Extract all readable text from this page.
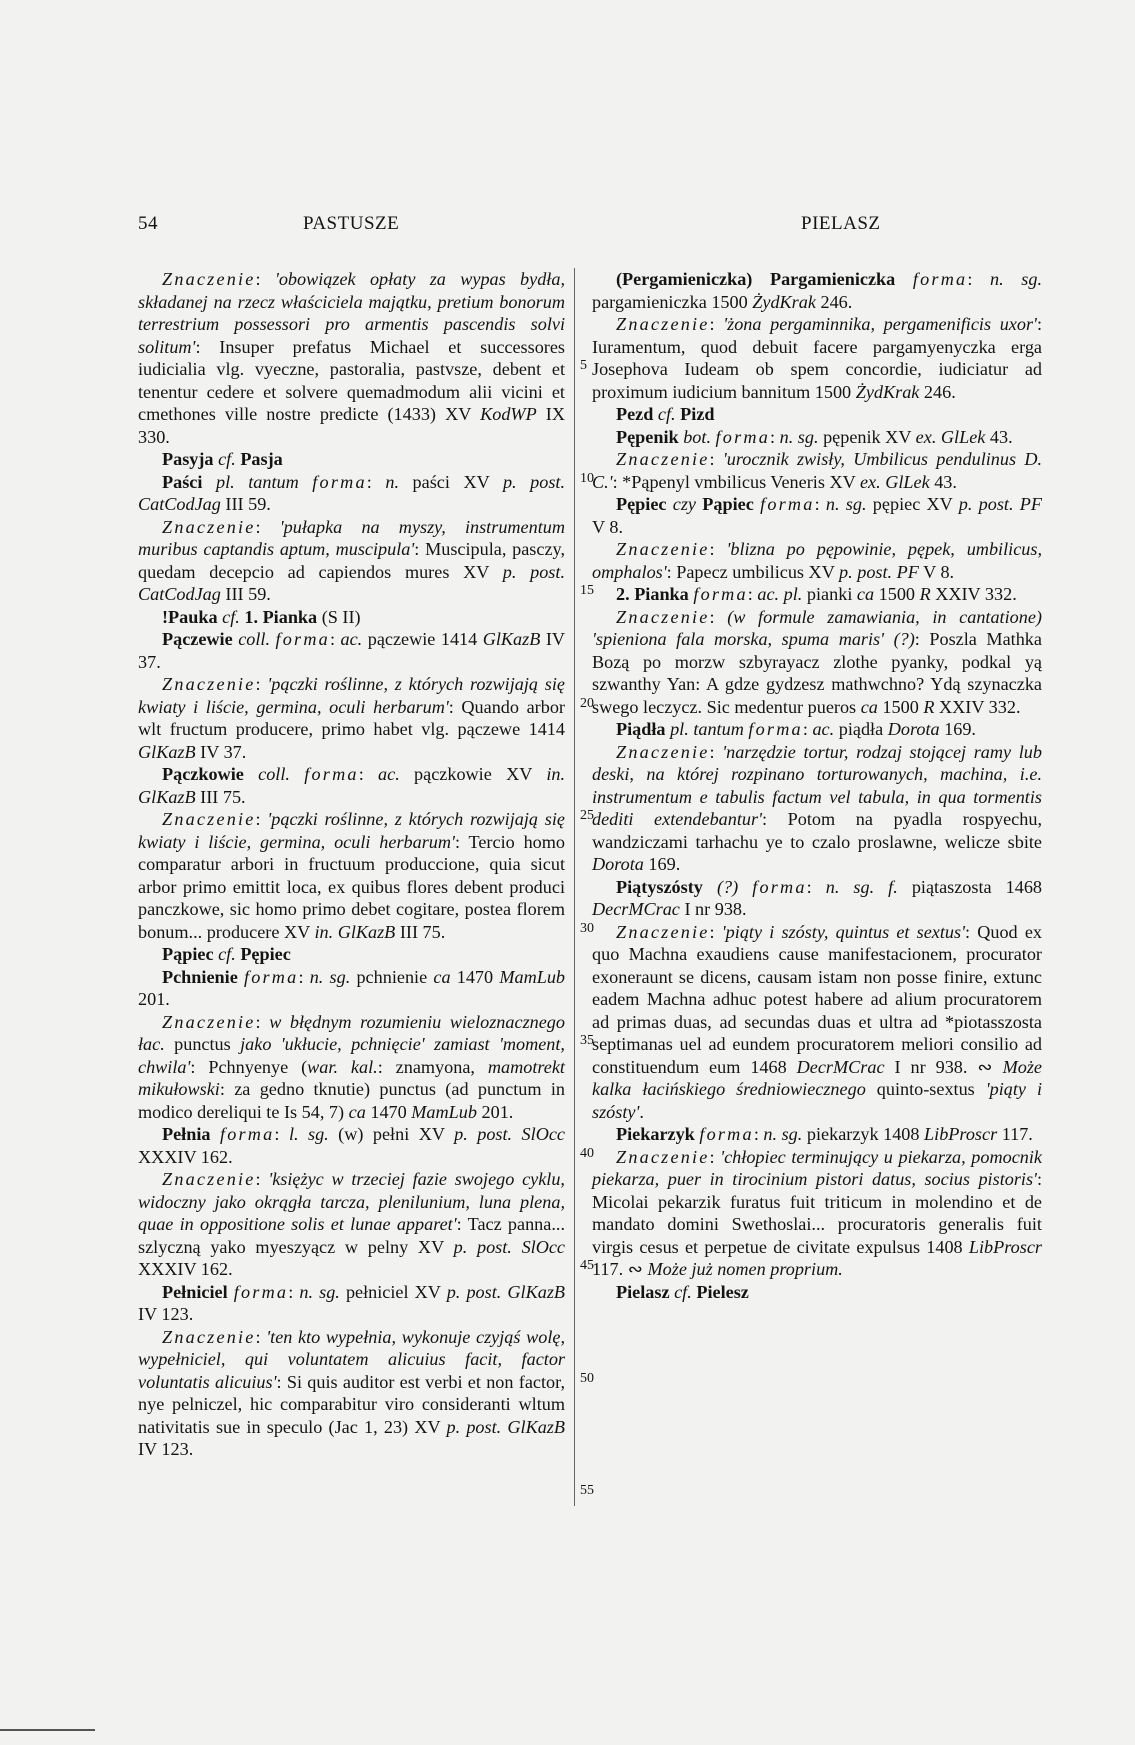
54	PASTUSZE	PIELASZ

Znaczenie: 'obowiązek opłaty za wypas bydła, składanej na rzecz właściciela majątku, pretium bonorum terrestrium possessori pro armentis pascendis solvi solitum': Insuper prefatus Michael et successores iudicialia vlg. vyeczne, pastoralia, pastvsze, debent et tenentur cedere et solvere quemadmodum alii vicini et cmethones ville nostre predicte (1433) XV KodWP IX 330.

Pasyja cf. Pasja

Paści pl. tantum forma: n. paści XV p. post. CatCodJag III 59.

Znaczenie: 'pułapka na myszy, instrumentum muribus captandis aptum, muscipula': Muscipula, pasczy, quedam decepcio ad capiendos mures XV p. post. CatCodJag III 59.

!Pauka cf. 1. Pianka (S II)

Pączewie coll. forma: ac. pączewie 1414 GlKazB IV 37.

Znaczenie: 'pączki roślinne, z których rozwijają się kwiaty i liście, germina, oculi herbarum': Quando arbor wlt fructum producere, primo habet vlg. pączewe 1414 GlKazB IV 37.

Pączkowie coll. forma: ac. pączkowie XV in. GlKazB III 75.

Znaczenie: 'pączki roślinne, z których rozwijają się kwiaty i liście, germina, oculi herbarum': Tercio homo comparatur arbori in fructuum produccione, quia sicut arbor primo emittit loca, ex quibus flores debent produci panczkowe, sic homo primo debet cogitare, postea florem bonum... producere XV in. GlKazB III 75.

Pąpiec cf. Pępiec

Pchnienie forma: n. sg. pchnienie ca 1470 MamLub 201.

Znaczenie: w błędnym rozumieniu wieloznacznego łac. punctus jako 'ukłucie, pchnięcie' zamiast 'moment, chwila': Pchnyenye (war. kal.: znamyona, mamotrekt mikułowski: za gedno tknutie) punctus (ad punctum in modico dereliqui te Is 54, 7) ca 1470 MamLub 201.

Pełnia forma: l. sg. (w) pełni XV p. post. SlOcc XXXIV 162.

Znaczenie: 'księżyc w trzeciej fazie swojego cyklu, widoczny jako okrągła tarcza, plenilunium, luna plena, quae in oppositione solis et lunae apparet': Tacz panna... szlyczną yako myeszyącz w pelny XV p. post. SlOcc XXXIV 162.

Pełniciel forma: n. sg. pełniciel XV p. post. GlKazB IV 123.

Znaczenie: 'ten kto wypełnia, wykonuje czyjąś wolę, wypełniciel, qui voluntatem alicuius facit, factor voluntatis alicuius': Si quis auditor est verbi et non factor, nye pelniczel, hic comparabitur viro consideranti wltum nativitatis sue in speculo (Jac 1, 23) XV p. post. GlKazB IV 123.

5
10
15
20
25
30
35
40
45
50
55

(Pergamieniczka) Pargamieniczka forma: n. sg. pargamieniczka 1500 ŻydKrak 246.

Znaczenie: 'żona pergaminnika, pergamenificis uxor': Iuramentum, quod debuit facere pargamyenyczka erga Josephova Iudeam ob spem concordie, iudiciatur ad proximum iudicium bannitum 1500 ŻydKrak 246.

Pezd cf. Pizd

Pępenik bot. forma: n. sg. pępenik XV ex. GlLek 43.

Znaczenie: 'urocznik zwisły, Umbilicus pendulinus D. C.': *Pąpenyl vmbilicus Veneris XV ex. GlLek 43.

Pępiec czy Pąpiec forma: n. sg. pępiec XV p. post. PF V 8.

Znaczenie: 'blizna po pępowinie, pępek, umbilicus, omphalos': Papecz umbilicus XV p. post. PF V 8.

2. Pianka forma: ac. pl. pianki ca 1500 R XXIV 332.

Znaczenie: (w formule zamawiania, in cantatione) 'spieniona fala morska, spuma maris' (?): Poszla Mathka Bozą po morzw szbyrayacz zlothe pyanky, podkal yą szwanthy Yan: A gdze gydzesz mathwchno? Ydą szynaczka swego leczycz. Sic medentur pueros ca 1500 R XXIV 332.

Piądła pl. tantum forma: ac. piądła Dorota 169.

Znaczenie: 'narzędzie tortur, rodzaj stojącej ramy lub deski, na której rozpinano torturowanych, machina, i.e. instrumentum e tabulis factum vel tabula, in qua tormentis dediti extendebantur': Potom na pyadla rospyechu, wandziczami tarhachu ye to czalo proslawne, welicze sbite Dorota 169.

Piątyszósty (?) forma: n. sg. f. piątaszosta 1468 DecrMCrac I nr 938.

Znaczenie: 'piąty i szósty, quintus et sextus': Quod ex quo Machna exaudiens cause manifestacionem, procurator exoneraunt se dicens, causam istam non posse finire, extunc eadem Machna adhuc potest habere ad alium procuratorem ad primas duas, ad secundas duas et ultra ad *piotasszosta septimanas uel ad eundem procuratorem meliori consilio ad constituendum eum 1468 DecrMCrac I nr 938. ∾ Może kalka łacińskiego średniowiecznego quinto-sextus 'piąty i szósty'.

Piekarzyk forma: n. sg. piekarzyk 1408 LibProscr 117.

Znaczenie: 'chłopiec terminujący u piekarza, pomocnik piekarza, puer in tirocinium pistori datus, socius pistoris': Micolai pekarzik furatus fuit triticum in molendino et de mandato domini Swethoslai... procuratoris generalis fuit virgis cesus et perpetue de civitate expulsus 1408 LibProscr 117. ∾ Może już nomen proprium.

Pielasz cf. Pielesz
